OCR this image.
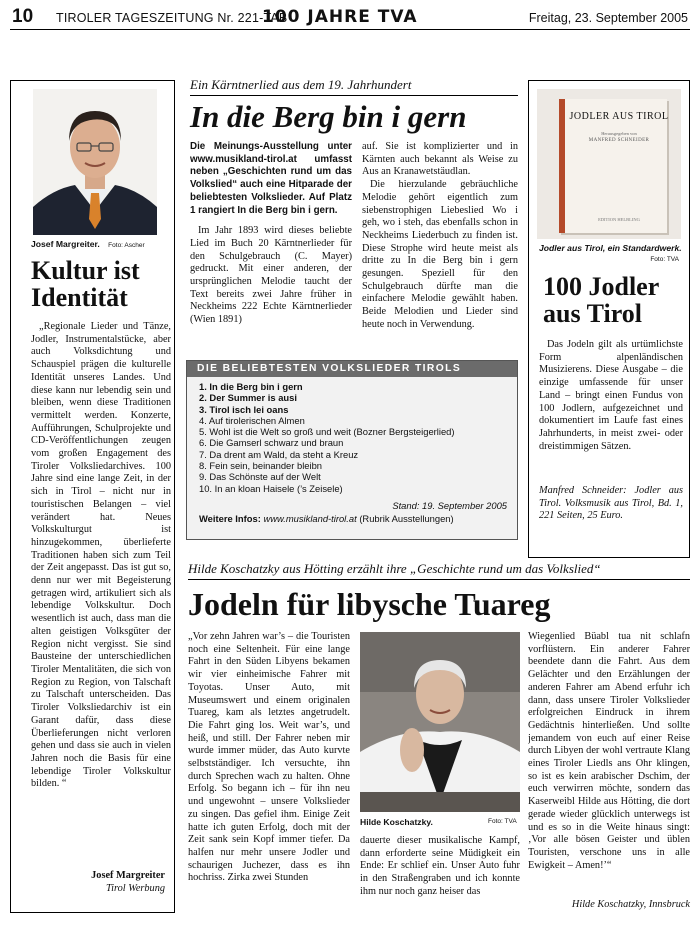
10 TIROLER TAGESZEITUNG Nr. 221-TAB
100 JAHRE TVA	Freitag, 23. September 2005
Josef Margreiter. Foto: Ascher
Kultur ist Identität

„Regionale Lieder und Tänze, Jodler, Instrumentalstücke, aber auch Volksdichtung und Schauspiel prägen die kulturelle Identität unseres Landes. Und diese kann nur lebendig sein und bleiben, wenn diese Traditionen vermittelt werden. Konzerte, Aufführungen, Schulprojekte und CD-Veröffentlichungen zeugen vom großen Engagement des Tiroler Volksliedarchives. 100 Jahre sind eine lange Zeit, in der sich in Tirol – nicht nur in touristischen Belangen – viel verändert hat. Neues Volkskulturgut ist hinzugekommen, überlieferte Traditionen haben sich zum Teil der Zeit angepasst. Das ist gut so, denn nur wer mit Begeisterung getragen wird, artikuliert sich als lebendige Volkskultur. Doch wesentlich ist auch, dass man die alten geistigen Volksgüter der Region nicht vergisst. Sie sind Bausteine der unterschiedlichen Tiroler Mentalitäten, die sich von Region zu Region, von Talschaft zu Talschaft unterscheiden. Das Tiroler Volksliedarchiv ist ein Garant dafür, dass diese Überlieferungen nicht verloren gehen und dass sie auch in vielen Jahren noch die Basis für eine lebendige Tiroler Volkskultur bilden. “

Josef Margreiter
Tirol Werbung
Ein Kärntnerlied aus dem 19. Jahrhundert
In die Berg bin i gern

Die Meinungs-Ausstellung unter www.musikland-tirol.at umfasst neben „Geschichten rund um das Volkslied“ auch eine Hitparade der beliebtesten Volkslieder. Auf Platz 1 rangiert In die Berg bin i gern.

Im Jahr 1893 wird dieses beliebte Lied im Buch 20 Kärntnerlieder für den Schulgebrauch (C. Mayer) gedruckt. Mit einer anderen, der ursprünglichen Melodie taucht der Text bereits zwei Jahre früher in Neckheims 222 Echte Kärntnerlieder (Wien 1891)

auf. Sie ist komplizierter und in Kärnten auch bekannt als Weise zu Aus an Kranawetstäudlan.

Die hierzulande gebräuchliche Melodie gehört eigentlich zum siebenstrophigen Liebeslied Wo i geh, wo i steh, das ebenfalls schon in Neckheims Liederbuch zu finden ist. Diese Strophe wird heute meist als dritte zu In die Berg bin i gern gesungen. Speziell für den Schulgebrauch dürfte man die einfachere Melodie gewählt haben. Beide Melodien und Lieder sind heute noch in Verwendung.

DIE BELIEBTESTEN VOLKSLIEDER TIROLS
1. In die Berg bin i gern
2. Der Summer is ausi
3. Tirol isch lei oans
4. Auf tirolerischen Almen
5. Wohl ist die Welt so groß und weit (Bozner Bergsteigerlied)
6. Die Gamserl schwarz und braun
7. Da drent am Wald, da steht a Kreuz
8. Fein sein, beinander bleibn
9. Das Schönste auf der Welt
10. In an kloan Haisele (’s Zeisele)
Stand: 19. September 2005
Weitere Infos: www.musikland-tirol.at (Rubrik Ausstellungen)
JODLER AUS TIROL
Herausgegeben von
MANFRED SCHNEIDER
EDITION HELBLING
Jodler aus Tirol, ein Standardwerk.
Foto: TVA
100 Jodler aus Tirol

Das Jodeln gilt als urtümlichste Form alpenländischen Musizierens. Diese Ausgabe – die einzige umfassende für unser Land – bringt einen Fundus von 100 Jodlern, aufgezeichnet und dokumentiert im Laufe fast eines Jahrhunderts, in meist zwei- oder dreistimmigen Sätzen.

Manfred Schneider: Jodler aus Tirol. Volksmusik aus Tirol, Bd. 1, 221 Seiten, 25 Euro.

Hilde Koschatzky aus Hötting erzählt ihre „Geschichte rund um das Volkslied“
Jodeln für libysche Tuareg

„Vor zehn Jahren war’s – die Touristen noch eine Seltenheit. Für eine lange Fahrt in den Süden Libyens bekamen wir vier einheimische Fahrer mit Toyotas. Unser Auto, mit Museumswert und einem originalen Tuareg, kam als letztes angetrudelt. Die Fahrt ging los. Weit war’s, und heiß, und still. Der Fahrer neben mir wurde immer müder, das Auto kurvte selbstständiger. Ich versuchte, ihn durch Sprechen wach zu halten. Ohne Erfolg. So begann ich – für ihn neu und ungewohnt – unsere Volkslieder zu singen. Das gefiel ihm. Einige Zeit hatte ich guten Erfolg, doch mit der Zeit sank sein Kopf immer tiefer. Da halfen nur mehr unsere Jodler und schaurigen Juchezer, dass es ihn hochriss. Zirka zwei Stunden

Hilde Koschatzky.	Foto: TVA

dauerte dieser musikalische Kampf, dann erforderte seine Müdigkeit ein Ende: Er schlief ein. Unser Auto fuhr in den Straßengraben und ich konnte ihm nur noch ganz heiser das

Wiegenlied Büabl tua nit schlafn vorflüstern. Ein anderer Fahrer beendete dann die Fahrt. Aus dem Gelächter und den Erzählungen der anderen Fahrer am Abend erfuhr ich dann, dass unsere Tiroler Volkslieder erfolgreichen Eindruck in ihrem Gedächtnis hinterließen. Und sollte jemandem von euch auf einer Reise durch Libyen der wohl vertraute Klang eines Tiroler Liedls ans Ohr klingen, so ist es kein arabischer Dschim, der euch verwirren möchte, sondern das Kaserweibl Hilde aus Hötting, die dort gerade wieder glücklich unterwegs ist und es so in die Weite hinaus singt: ‚Vor alle bösen Geister und üblen Touristen, verschone uns in alle Ewigkeit – Amen!’“

Hilde Koschatzky, Innsbruck
